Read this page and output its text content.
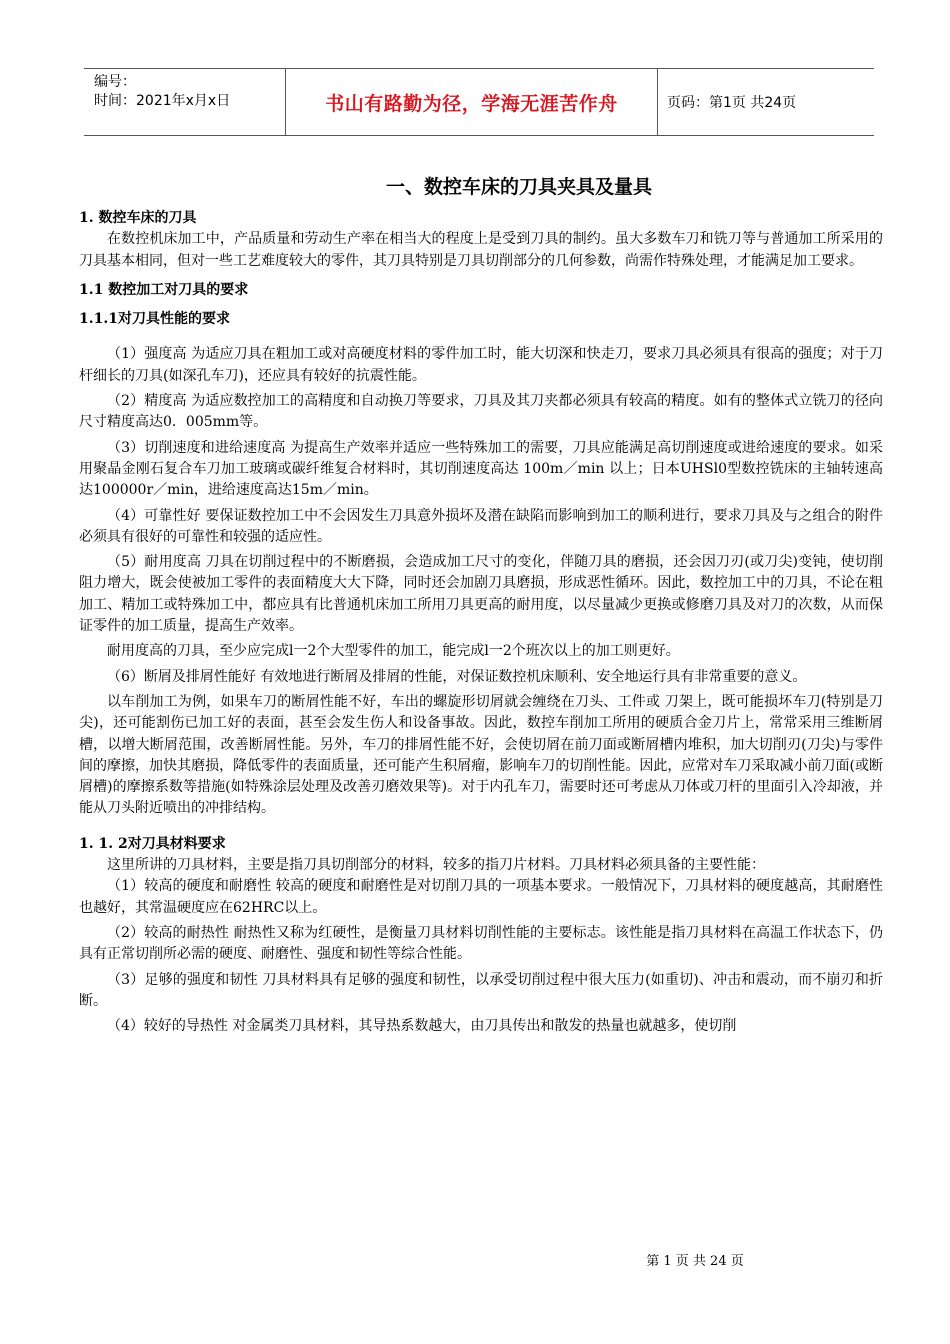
编号：
时间：2021年x月x日	书山有路勤为径，学海无涯苦作舟	页码：第1页 共24页
一、数控车床的刀具夹具及量具

1. 数控车床的刀具

在数控机床加工中，产品质量和劳动生产率在相当大的程度上是受到刀具的制约。虽大多数车刀和铣刀等与普通加工所采用的刀具基本相同，但对一些工艺难度较大的零件，其刀具特别是刀具切削部分的几何参数，尚需作特殊处理，才能满足加工要求。

1.1 数控加工对刀具的要求

1.1.1对刀具性能的要求

（1）强度高 为适应刀具在粗加工或对高硬度材料的零件加工时，能大切深和快走刀，要求刀具必须具有很高的强度；对于刀杆细长的刀具(如深孔车刀)，还应具有较好的抗震性能。

（2）精度高 为适应数控加工的高精度和自动换刀等要求，刀具及其刀夹都必须具有较高的精度。如有的整体式立铣刀的径向尺寸精度高达0．005mm等。

（3）切削速度和进给速度高 为提高生产效率并适应一些特殊加工的需要，刀具应能满足高切削速度或进给速度的要求。如采用聚晶金刚石复合车刀加工玻璃或碳纤维复合材料时，其切削速度高达 100m／min 以上；日本UHSl0型数控铣床的主轴转速高达100000r／min，进给速度高达15m／min。

（4）可靠性好 要保证数控加工中不会因发生刀具意外损坏及潜在缺陷而影响到加工的顺利进行，要求刀具及与之组合的附件必须具有很好的可靠性和较强的适应性。

（5）耐用度高 刀具在切削过程中的不断磨损，会造成加工尺寸的变化，伴随刀具的磨损，还会因刀刃(或刀尖)变钝，使切削阻力增大，既会使被加工零件的表面精度大大下降，同时还会加剧刀具磨损，形成恶性循环。因此，数控加工中的刀具，不论在粗加工、精加工或特殊加工中，都应具有比普通机床加工所用刀具更高的耐用度，以尽量减少更换或修磨刀具及对刀的次数，从而保证零件的加工质量，提高生产效率。

耐用度高的刀具，至少应完成l一2个大型零件的加工，能完成l一2个班次以上的加工则更好。

（6）断屑及排屑性能好 有效地进行断屑及排屑的性能，对保证数控机床顺利、安全地运行具有非常重要的意义。

以车削加工为例，如果车刀的断屑性能不好，车出的螺旋形切屑就会缠绕在刀头、工件或 刀架上，既可能损坏车刀(特别是刀尖)，还可能割伤已加工好的表面，甚至会发生伤人和设备事故。因此，数控车削加工所用的硬质合金刀片上，常常采用三维断屑槽，以增大断屑范围，改善断屑性能。另外，车刀的排屑性能不好，会使切屑在前刀面或断屑槽内堆积，加大切削刃(刀尖)与零件间的摩擦，加快其磨损，降低零件的表面质量，还可能产生积屑瘤，影响车刀的切削性能。因此，应常对车刀采取减小前刀面(或断屑槽)的摩擦系数等措施(如特殊涂层处理及改善刃磨效果等)。对于内孔车刀，需要时还可考虑从刀体或刀杆的里面引入冷却液，并能从刀头附近喷出的冲排结构。

1. 1. 2对刀具材料要求

这里所讲的刀具材料，主要是指刀具切削部分的材料，较多的指刀片材料。刀具材料必须具备的主要性能：

（1）较高的硬度和耐磨性 较高的硬度和耐磨性是对切削刀具的一项基本要求。一般情况下，刀具材料的硬度越高，其耐磨性也越好，其常温硬度应在62HRC以上。

（2）较高的耐热性 耐热性又称为红硬性，是衡量刀具材料切削性能的主要标志。该性能是指刀具材料在高温工作状态下，仍具有正常切削所必需的硬度、耐磨性、强度和韧性等综合性能。

（3）足够的强度和韧性 刀具材料具有足够的强度和韧性，以承受切削过程中很大压力(如重切)、冲击和震动，而不崩刃和折断。

（4）较好的导热性 对金属类刀具材料，其导热系数越大，由刀具传出和散发的热量也就越多，使切削

第 1 页 共 24 页
